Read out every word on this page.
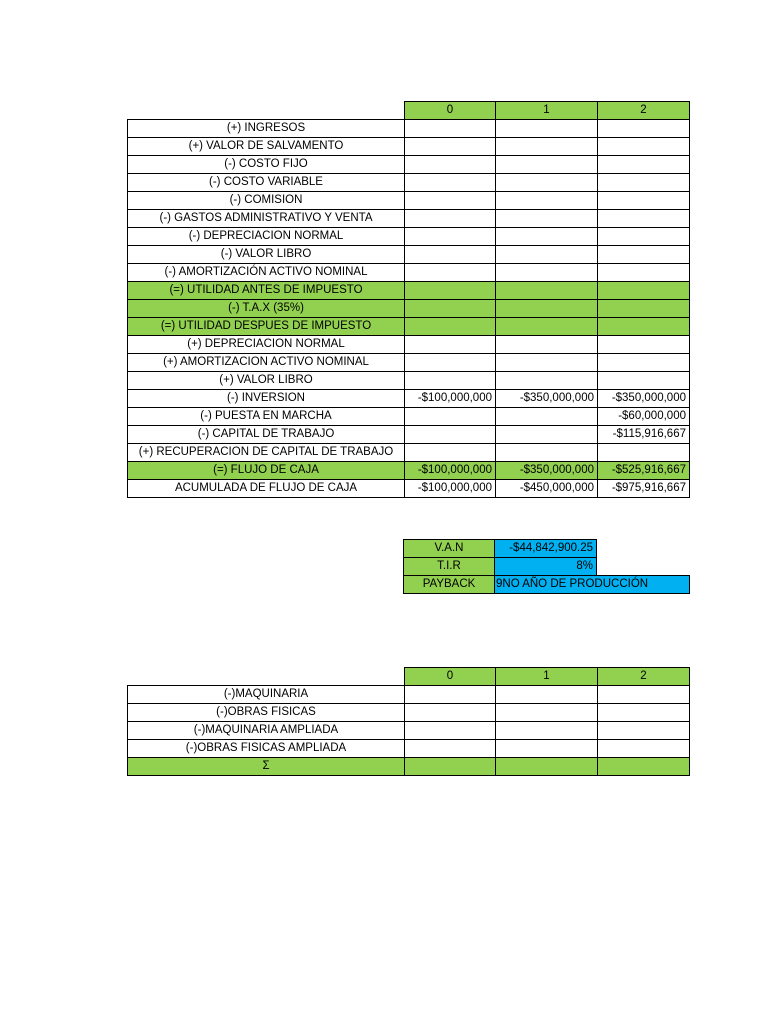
	0	1	2
(+) INGRESOS			
(+) VALOR DE SALVAMENTO			
(-) COSTO FIJO			
(-) COSTO VARIABLE			
(-) COMISION			
(-) GASTOS ADMINISTRATIVO Y VENTA			
(-) DEPRECIACION NORMAL			
(-) VALOR LIBRO			
(-) AMORTIZACIÓN ACTIVO NOMINAL			
(=) UTILIDAD ANTES DE IMPUESTO			
(-) T.A.X (35%)			
(=) UTILIDAD DESPUES DE IMPUESTO			
(+) DEPRECIACION NORMAL			
(+) AMORTIZACION ACTIVO NOMINAL			
(+) VALOR LIBRO			
(-) INVERSION	-$100,000,000	-$350,000,000	-$350,000,000
(-) PUESTA EN MARCHA			-$60,000,000
(-) CAPITAL DE TRABAJO			-$115,916,667
(+) RECUPERACION DE CAPITAL DE TRABAJO			
(=) FLUJO DE CAJA	-$100,000,000	-$350,000,000	-$525,916,667
ACUMULADA DE FLUJO DE CAJA	-$100,000,000	-$450,000,000	-$975,916,667
V.A.N	-$44,842,900.25	
T.I.R	8%	
PAYBACK	9NO AÑO DE PRODUCCIÓN	
	0	1	2
(-)MAQUINARIA			
(-)OBRAS FISICAS			
(-)MAQUINARIA AMPLIADA			
(-)OBRAS FISICAS AMPLIADA			
Σ			
